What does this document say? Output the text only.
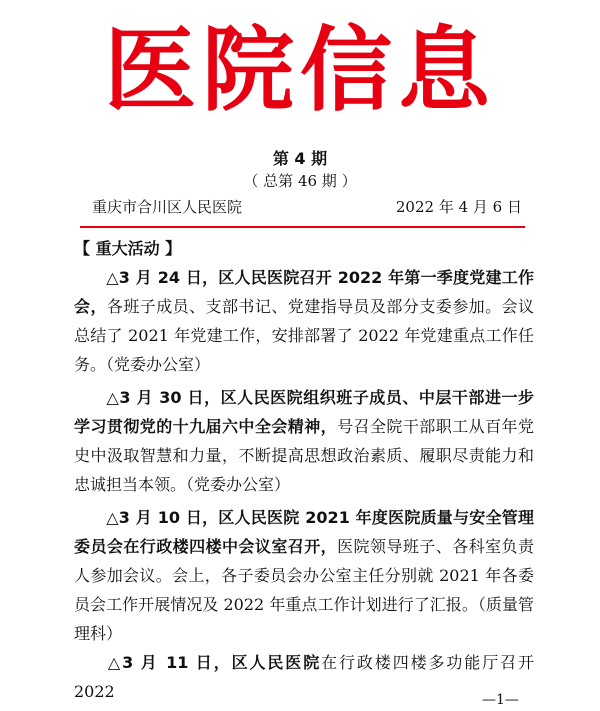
医院信息
第 4 期
（ 总第 46 期 ）
重庆市合川区人民医院	2022 年 4 月 6 日
【 重大活动 】

△3 月 24 日，区人民医院召开 2022 年第一季度党建工作会，各班子成员、支部书记、党建指导员及部分支委参加。会议总结了 2021 年党建工作，安排部署了 2022 年党建重点工作任务。（党委办公室）

△3 月 30 日，区人民医院组织班子成员、中层干部进一步学习贯彻党的十九届六中全会精神，号召全院干部职工从百年党史中汲取智慧和力量，不断提高思想政治素质、履职尽责能力和忠诚担当本领。（党委办公室）

△3 月 10 日，区人民医院 2021 年度医院质量与安全管理委员会在行政楼四楼中会议室召开，医院领导班子、各科室负责人参加会议。会上，各子委员会办公室主任分别就 2021 年各委员会工作开展情况及 2022 年重点工作计划进行了汇报。（质量管理科）

△3 月 11 日，区人民医院在行政楼四楼多功能厅召开 2022	—1—
